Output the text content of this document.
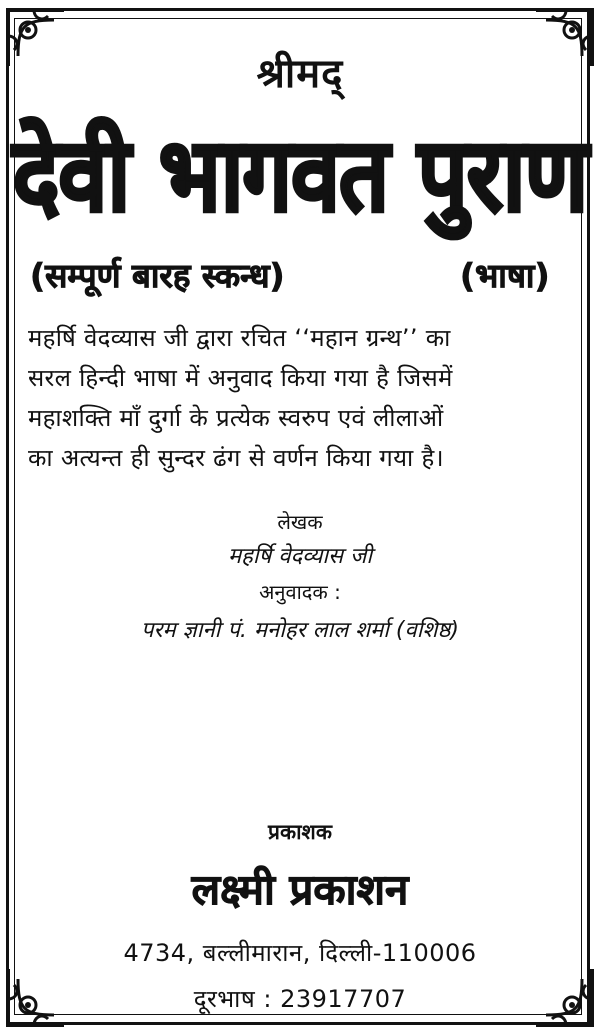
श्रीमद्
देवी भागवत पुराण
(सम्पूर्ण बारह स्कन्ध)	(भाषा)
महर्षि वेदव्यास जी द्वारा रचित ‘‘महान ग्रन्थ’’ का
सरल हिन्दी भाषा में अनुवाद किया गया है जिसमें
महाशक्ति माँ दुर्गा के प्रत्येक स्वरुप एवं लीलाओं
का अत्यन्त ही सुन्दर ढंग से वर्णन किया गया है।
लेखक
महर्षि वेदव्यास जी
अनुवादक :
परम ज्ञानी पं. मनोहर लाल शर्मा (वशिष्ठ)
प्रकाशक
लक्ष्मी प्रकाशन
4734, बल्लीमारान, दिल्ली-110006
दूरभाष : 23917707
